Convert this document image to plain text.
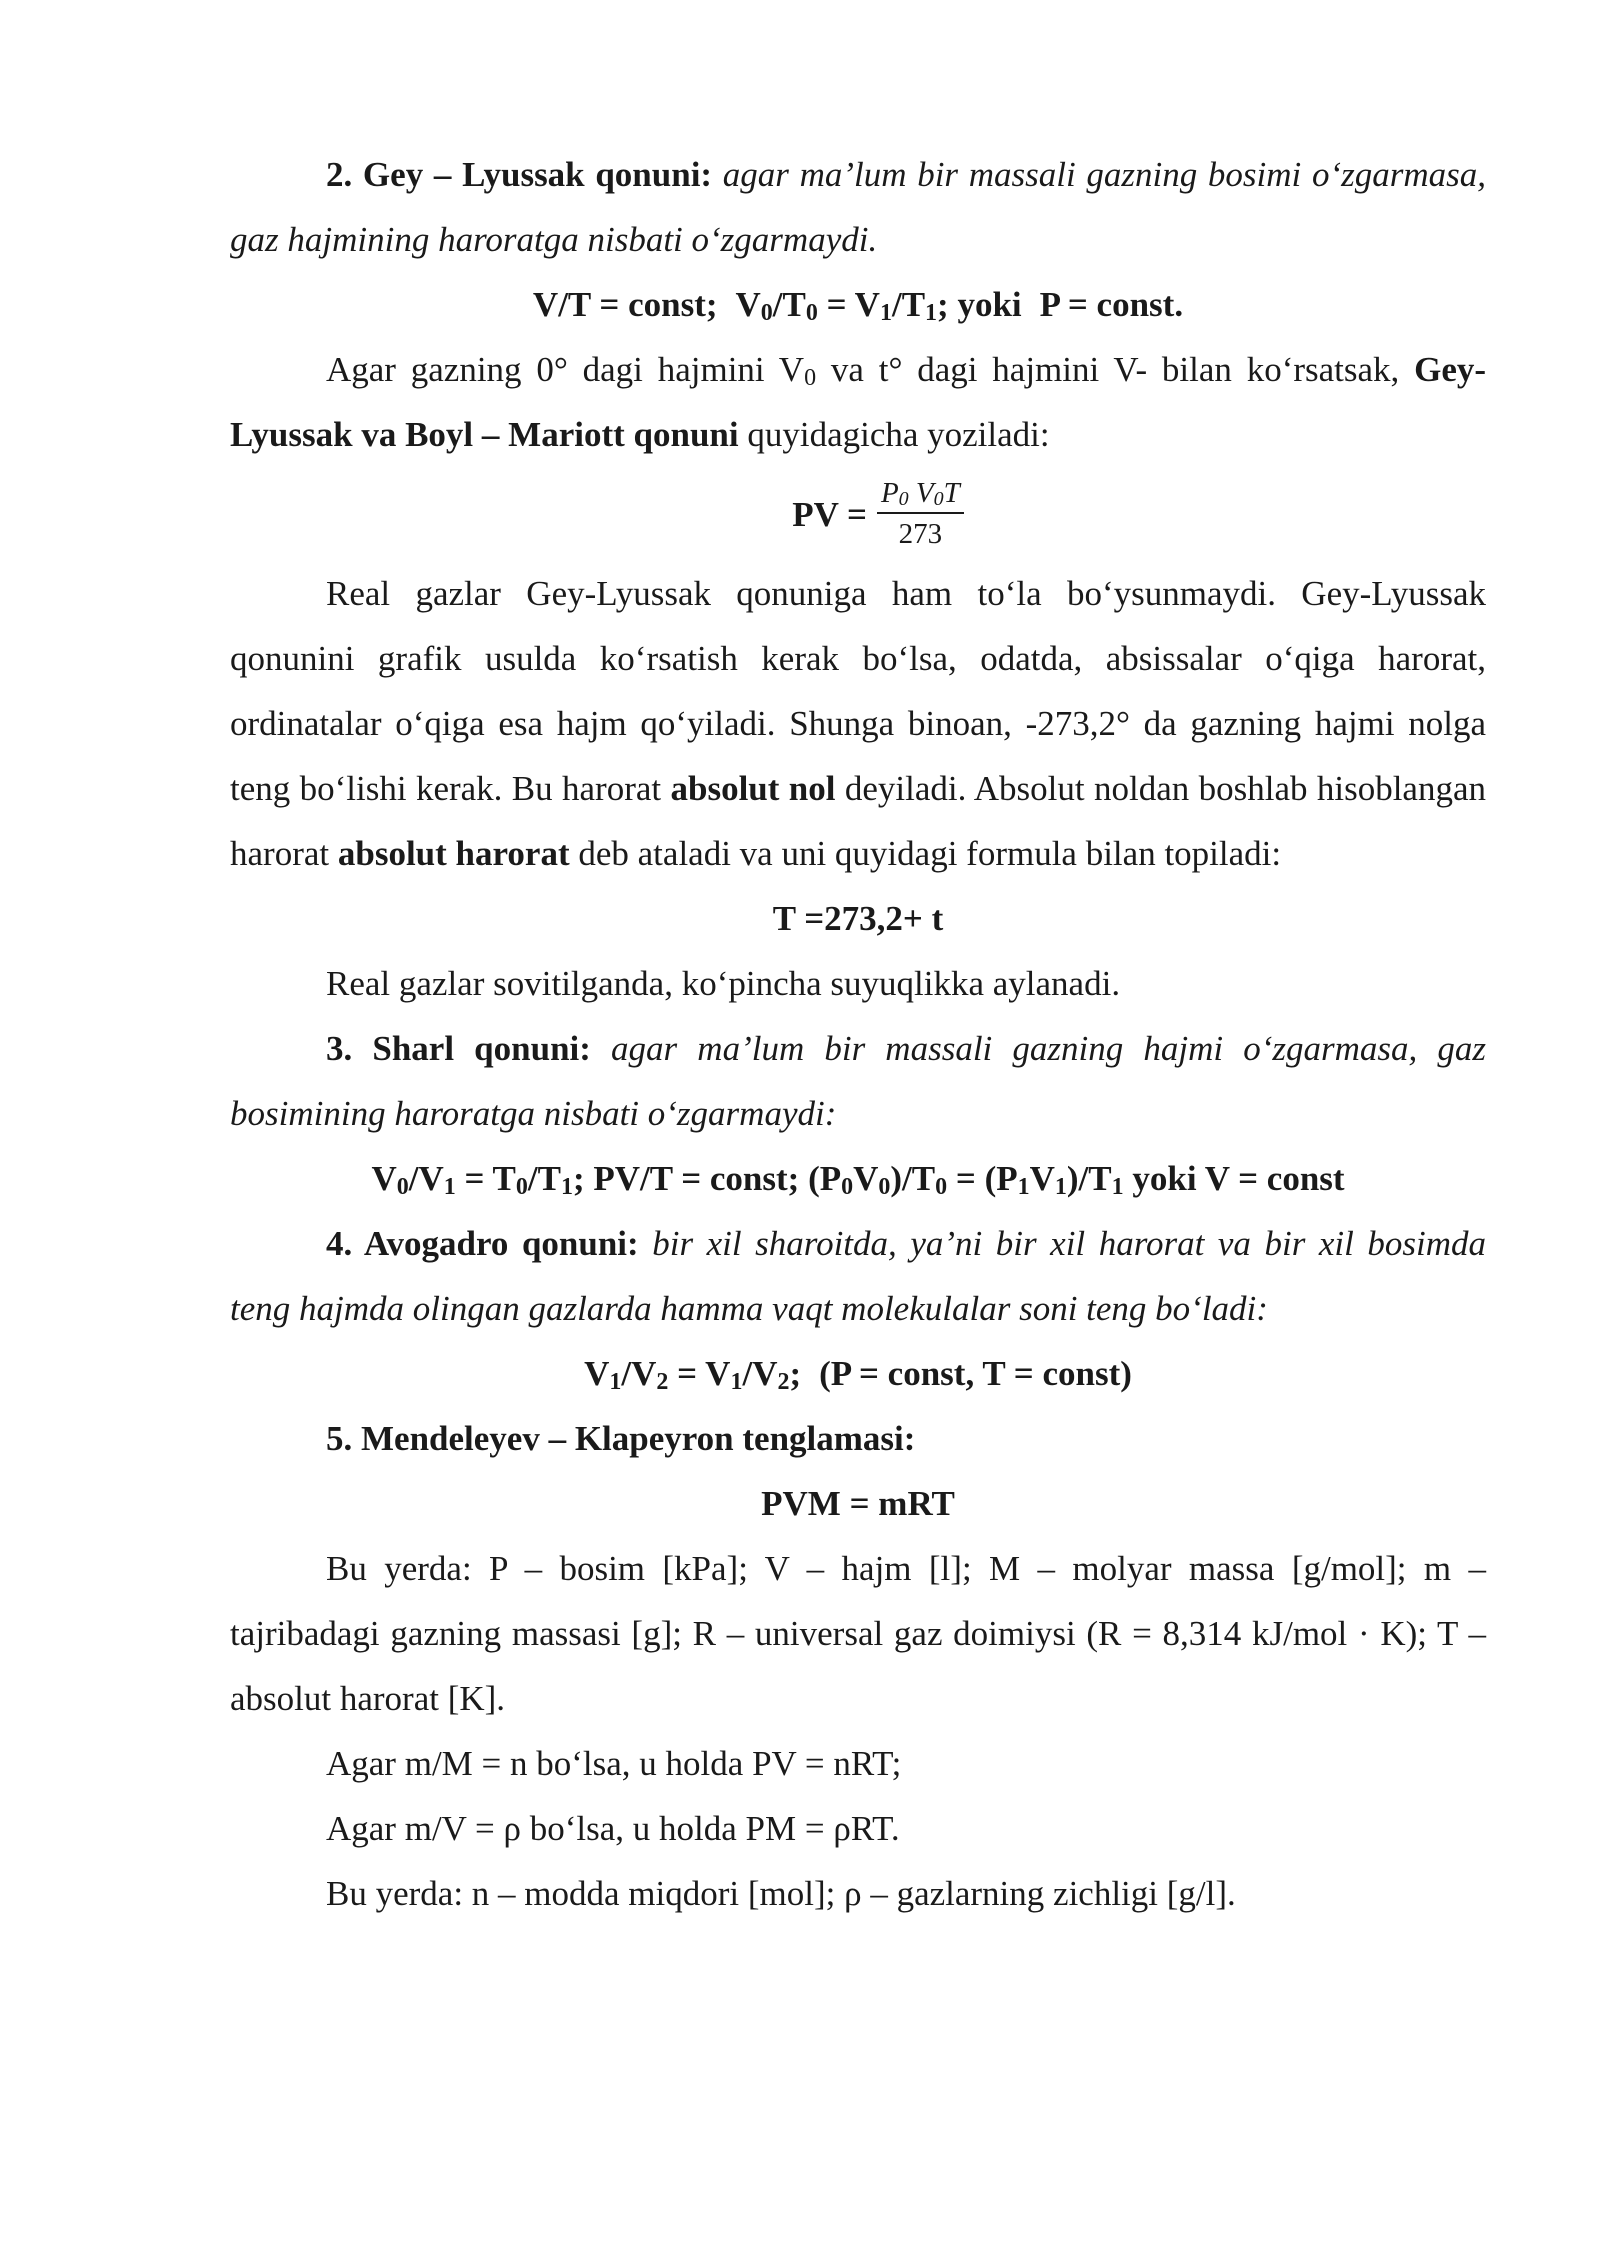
2. Gey – Lyussak qonuni: agar ma’lum bir massali gazning bosimi o‘zgarmasa, gaz hajmining haroratga nisbati o‘zgarmaydi.

V/T = const; $V_0/T_0 = V_1/T_1$; yoki P = const.

Agar gazning 0° dagi hajmini $V_0$ va t° dagi hajmini V- bilan ko‘rsatsak, Gey-Lyussak va Boyl – Mariott qonuni quyidagicha yoziladi:

PV = $\frac{P_0 V_0T}{273}$

Real gazlar Gey-Lyussak qonuniga ham to‘la bo‘ysunmaydi. Gey-Lyussak qonunini grafik usulda ko‘rsatish kerak bo‘lsa, odatda, absissalar o‘qiga harorat, ordinatalar o‘qiga esa hajm qo‘yiladi. Shunga binoan, -273,2° da gazning hajmi nolga teng bo‘lishi kerak. Bu harorat absolut nol deyiladi. Absolut noldan boshlab hisoblangan harorat absolut harorat deb ataladi va uni quyidagi formula bilan topiladi:

T =273,2+ t

Real gazlar sovitilganda, ko‘pincha suyuqlikka aylanadi.

3. Sharl qonuni: agar ma’lum bir massali gazning hajmi o‘zgarmasa, gaz bosimining haroratga nisbati o‘zgarmaydi:

$V_0/V_1 = T_0/T_1$; PV/T = const; $(P_0V_0)/T_0 = (P_1V_1)/T_1$ yoki V = const

4. Avogadro qonuni: bir xil sharoitda, ya’ni bir xil harorat va bir xil bosimda teng hajmda olingan gazlarda hamma vaqt molekulalar soni teng bo‘ladi:

$V_1/V_2 = V_1/V_2$; (P = const, T = const)

5. Mendeleyev – Klapeyron tenglamasi:

PVM = mRT

Bu yerda: P – bosim [kPa]; V – hajm [l]; M – molyar massa [g/mol]; m – tajribadagi gazning massasi [g]; R – universal gaz doimiysi (R = 8,314 kJ/mol · K); T – absolut harorat [K].

Agar m/M = n bo‘lsa, u holda PV = nRT;

Agar m/V = ρ bo‘lsa, u holda PM = ρRT.

Bu yerda: n – modda miqdori [mol]; ρ – gazlarning zichligi [g/l].
